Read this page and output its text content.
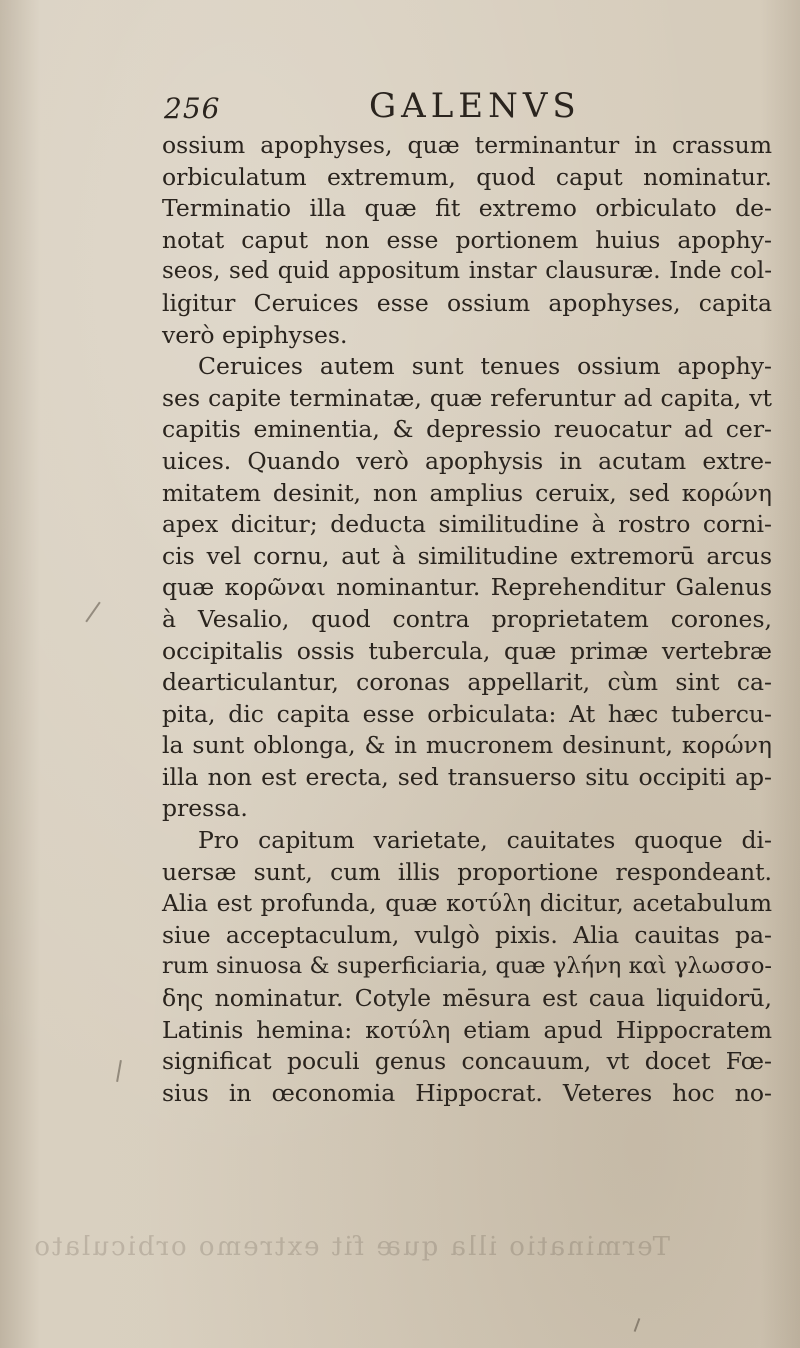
256	GALENVS
ossium apophyses, quæ terminantur in crassum
orbiculatum extremum, quod caput nominatur.
Terminatio illa quæ fit extremo orbiculato de-
notat caput non esse portionem huius apophy-
seos, sed quid appositum instar clausuræ. Inde col-
ligitur Ceruices esse ossium apophyses, capita
verò epiphyses.
Ceruices autem sunt tenues ossium apophy-
ses capite terminatæ, quæ referuntur ad capita, vt
capitis eminentia, & depressio reuocatur ad cer-
uices. Quando verò apophysis in acutam extre-
mitatem desinit, non amplius ceruix, sed κορώνη
apex dicitur; deducta similitudine à rostro corni-
cis vel cornu, aut à similitudine extremorū arcus
quæ κορῶναι nominantur. Reprehenditur Galenus
à Vesalio, quod contra proprietatem corones,
occipitalis ossis tubercula, quæ primæ vertebræ
dearticulantur, coronas appellarit, cùm sint ca-
pita, dic capita esse orbiculata: At hæc tubercu-
la sunt oblonga, & in mucronem desinunt, κορώνη
illa non est erecta, sed transuerso situ occipiti ap-
pressa.
Pro capitum varietate, cauitates quoque di-
uersæ sunt, cum illis proportione respondeant.
Alia est profunda, quæ κοτύλη dicitur, acetabulum
siue acceptaculum, vulgò pixis. Alia cauitas pa-
rum sinuosa & superficiaria, quæ γλήνη καὶ γλωσσο-
δης nominatur. Cotyle mēsura est caua liquidorū,
Latinis hemina: κοτύλη etiam apud Hippocratem
significat poculi genus concauum, vt docet Fœ-
sius in œconomia Hippocrat. Veteres hoc no-
Terminatio illa quæ fit extremo orbiculato
